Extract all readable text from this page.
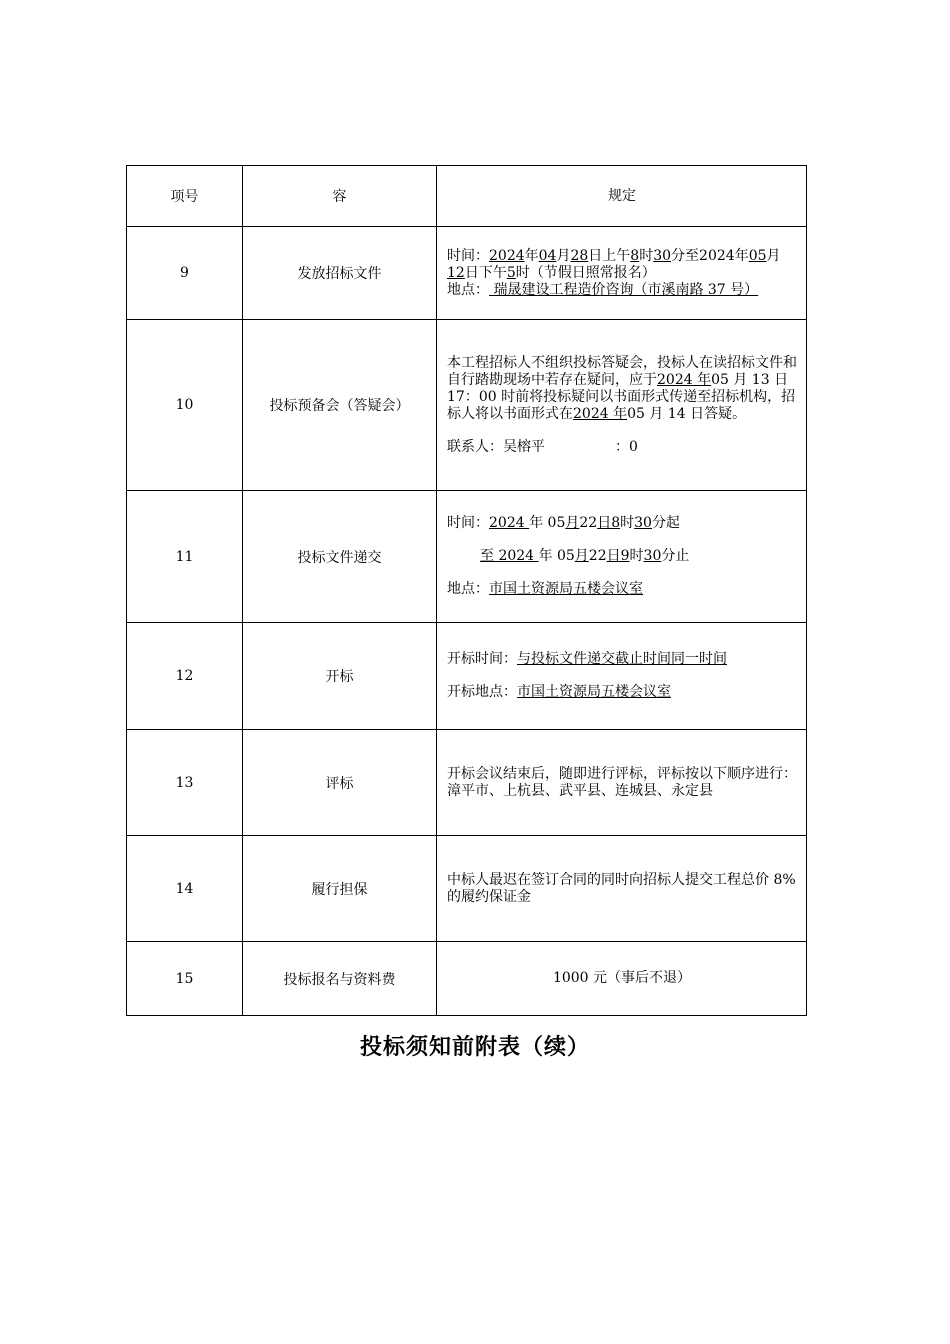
项号	容	规定
9	发放招标文件	时间：2024年04月28日上午8时30分至2024年05月 12日下午5时（节假日照常报名）
地点： 瑞晟建设工程造价咨询（市溪南路 37 号）
10	投标预备会（答疑会）	本工程招标人不组织投标答疑会，投标人在读招标文件和自行踏勘现场中若存在疑问，应于2024 年05 月 13 日 17：00 时前将投标疑问以书面形式传递至招标机构，招标人将以书面形式在2024 年05 月 14 日答疑。
联系人：吴榕平　　　　　：0
11	投标文件递交	时间：2024 年 05月22日8时30分起
至 2024 年 05月22日9时30分止
地点：市国土资源局五楼会议室

12	开标	开标时间：与投标文件递交截止时间同一时间
开标地点：市国土资源局五楼会议室

13	评标	开标会议结束后，随即进行评标，评标按以下顺序进行：漳平市、上杭县、武平县、连城县、永定县
14	履行担保	中标人最迟在签订合同的同时向招标人提交工程总价 8%的履约保证金
15	投标报名与资料费	1000 元（事后不退）
投标须知前附表（续）
